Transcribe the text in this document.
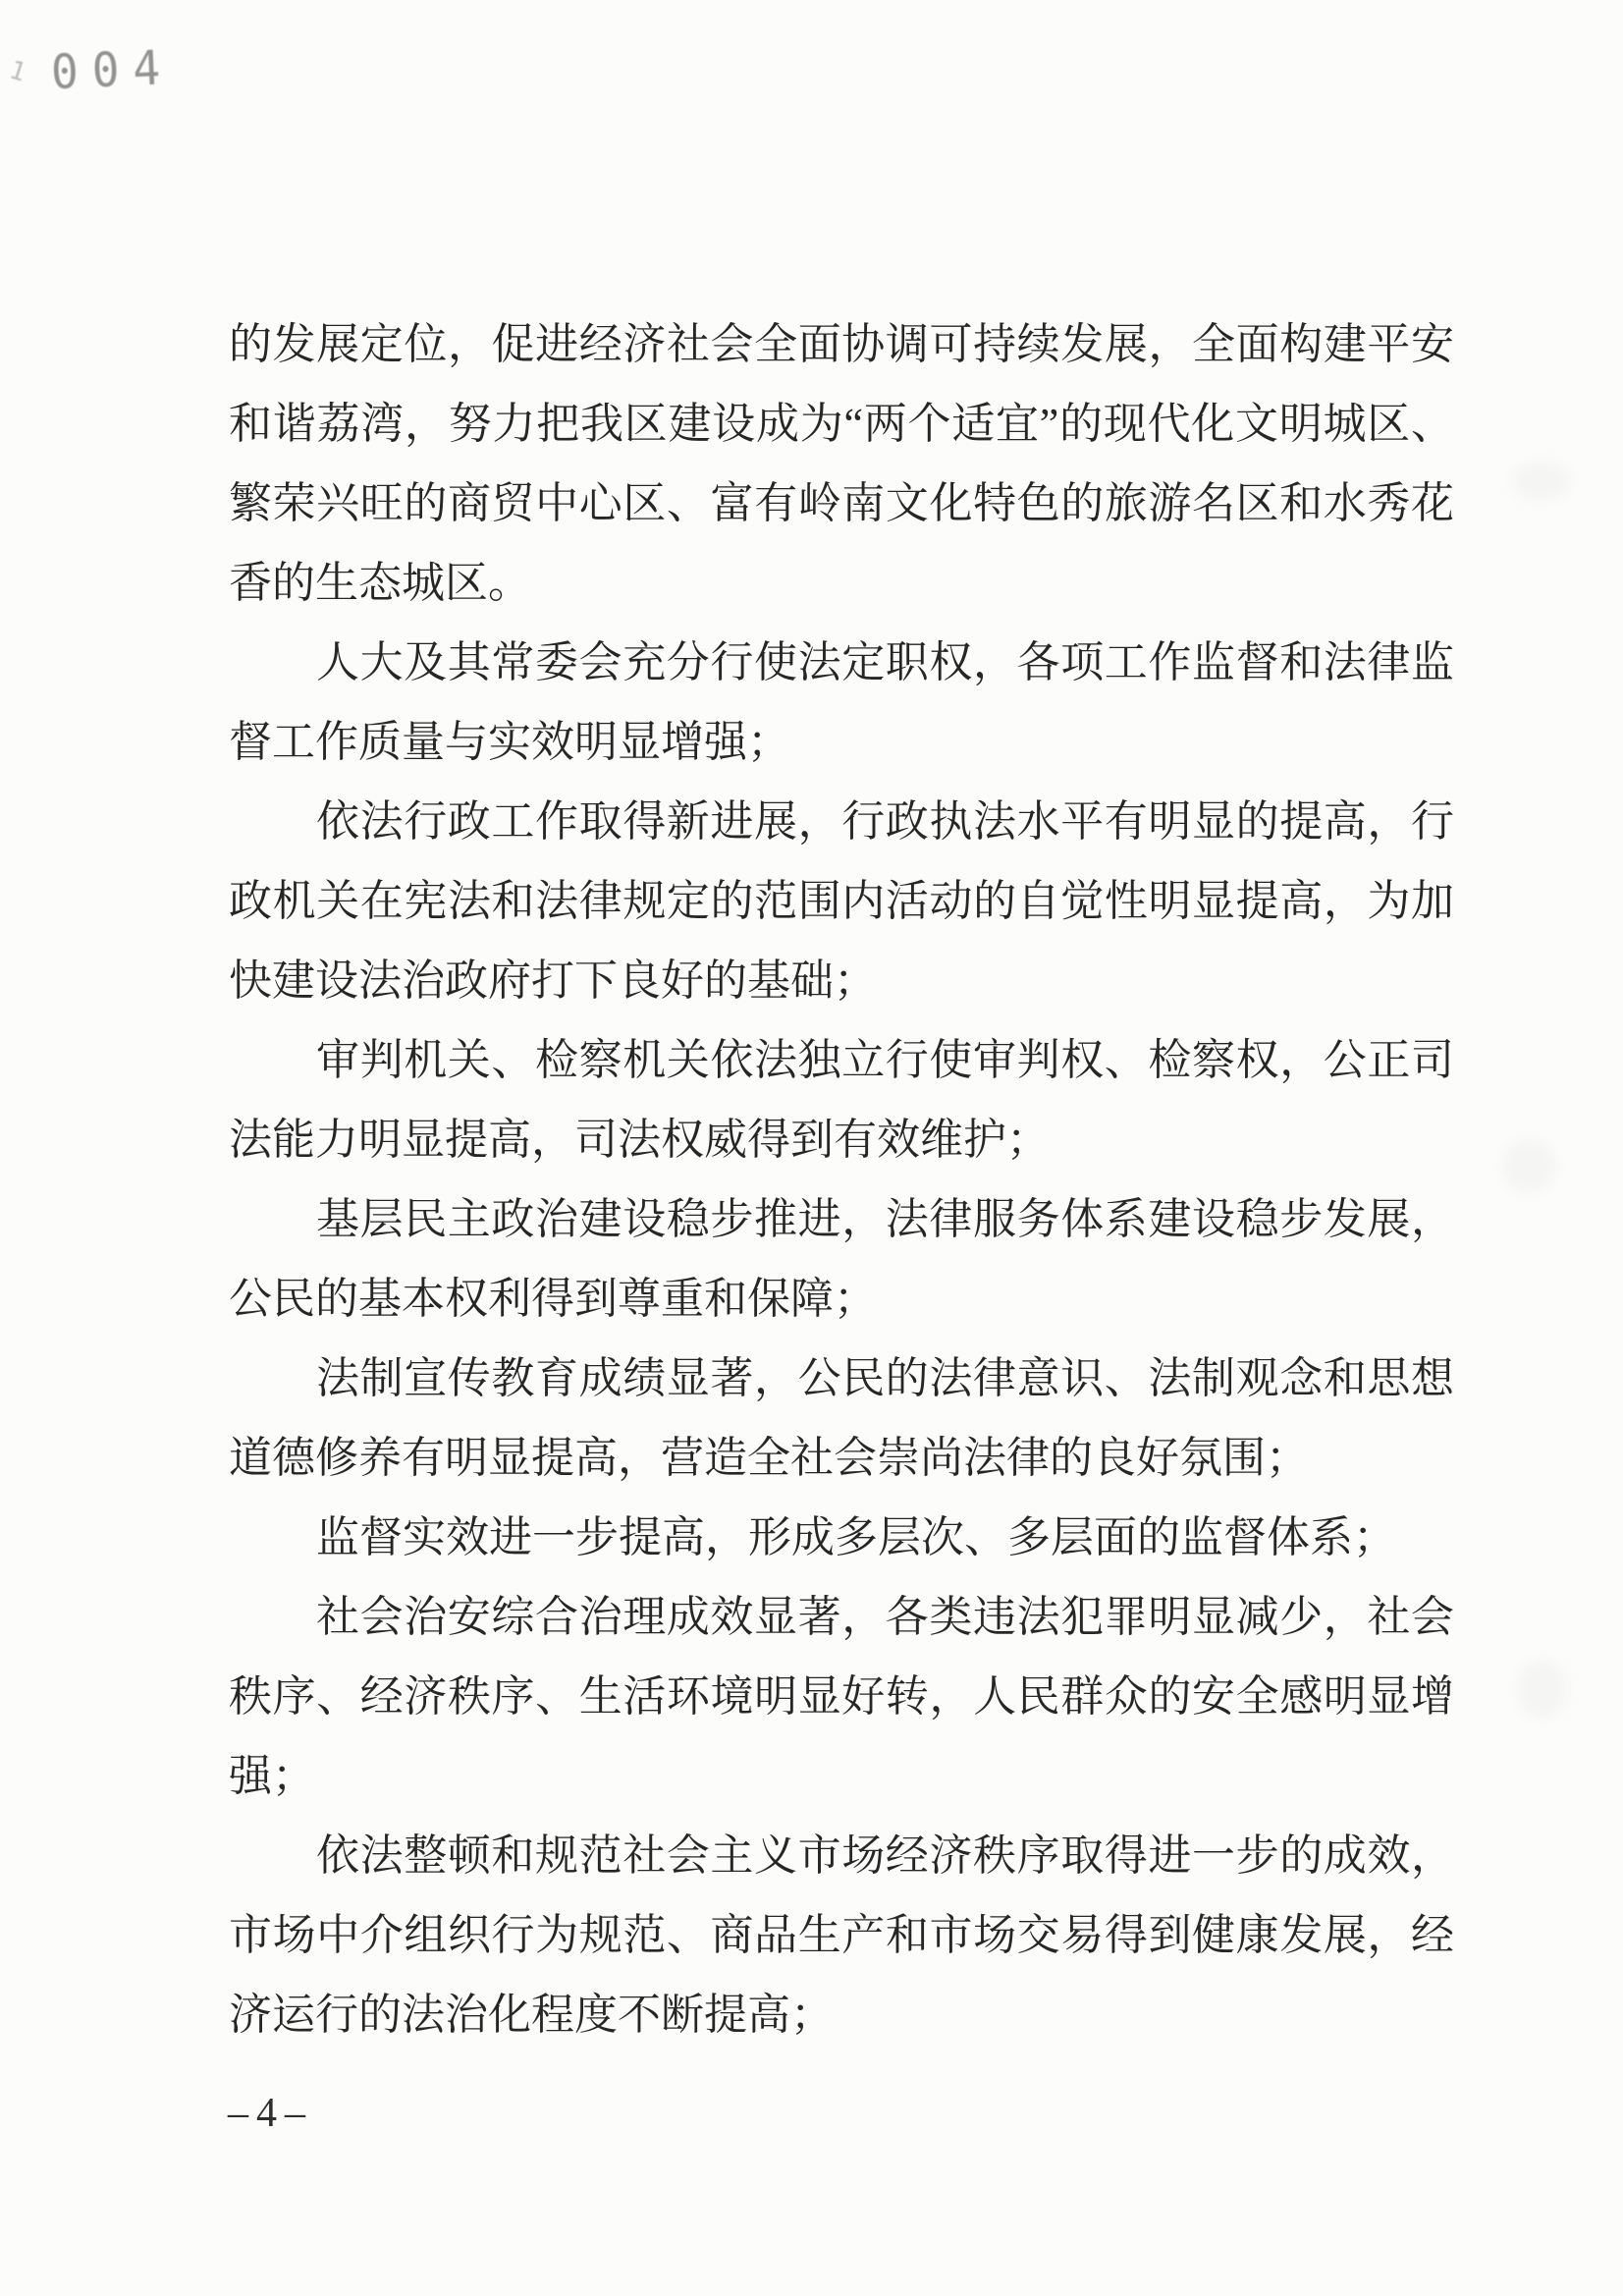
1 004
的发展定位，促进经济社会全面协调可持续发展，全面构建平安
和谐荔湾，努力把我区建设成为“两个适宜”的现代化文明城区、
繁荣兴旺的商贸中心区、富有岭南文化特色的旅游名区和水秀花
香的生态城区。
人大及其常委会充分行使法定职权，各项工作监督和法律监
督工作质量与实效明显增强；
依法行政工作取得新进展，行政执法水平有明显的提高，行
政机关在宪法和法律规定的范围内活动的自觉性明显提高，为加
快建设法治政府打下良好的基础；
审判机关、检察机关依法独立行使审判权、检察权，公正司
法能力明显提高，司法权威得到有效维护；
基层民主政治建设稳步推进，法律服务体系建设稳步发展，
公民的基本权利得到尊重和保障；
法制宣传教育成绩显著，公民的法律意识、法制观念和思想
道德修养有明显提高，营造全社会崇尚法律的良好氛围；
监督实效进一步提高，形成多层次、多层面的监督体系；
社会治安综合治理成效显著，各类违法犯罪明显减少，社会
秩序、经济秩序、生活环境明显好转，人民群众的安全感明显增
强；
依法整顿和规范社会主义市场经济秩序取得进一步的成效，
市场中介组织行为规范、商品生产和市场交易得到健康发展，经
济运行的法治化程度不断提高；
–4–
